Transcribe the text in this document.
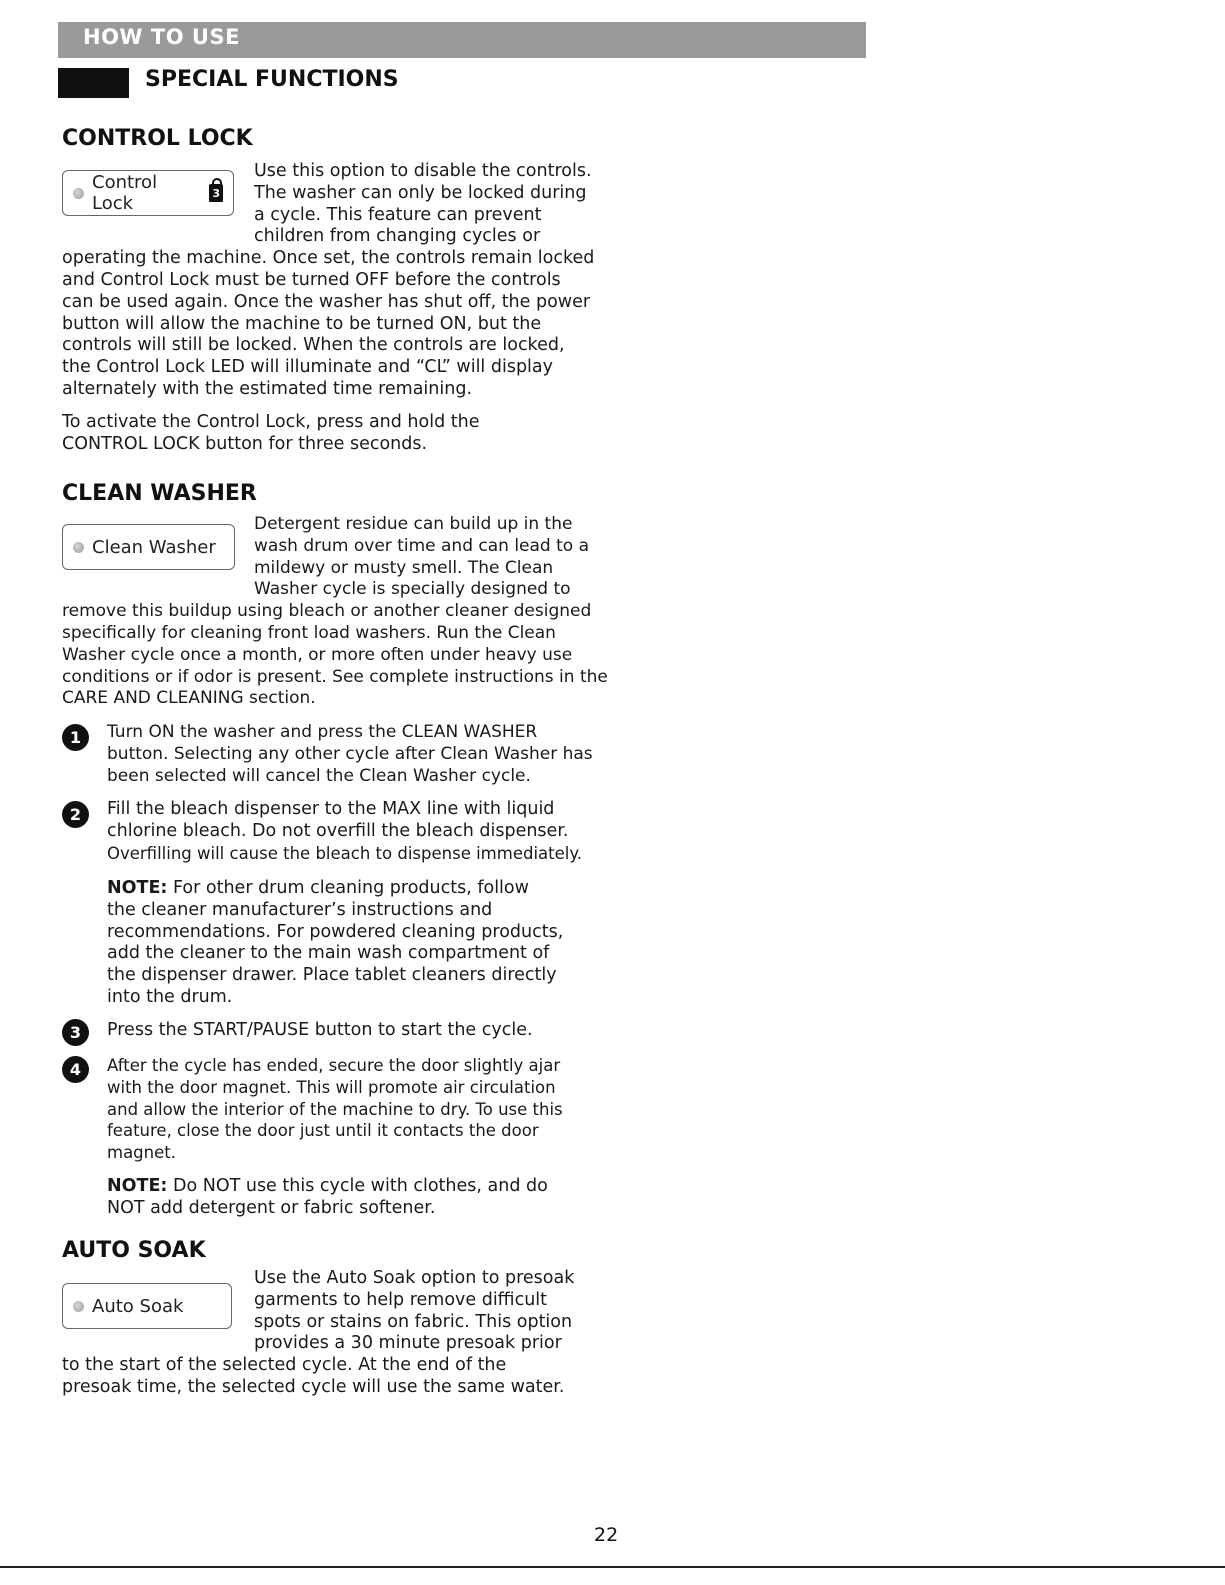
HOW TO USE
SPECIAL FUNCTIONS
CONTROL LOCK
Control Lock	3

Use this option to disable the controls.

The washer can only be locked during

a cycle. This feature can prevent

children from changing cycles or

operating the machine. Once set, the controls remain locked

and Control Lock must be turned OFF before the controls

can be used again. Once the washer has shut off, the power

button will allow the machine to be turned ON, but the

controls will still be locked. When the controls are locked,

the Control Lock LED will illuminate and “CL” will display

alternately with the estimated time remaining.

To activate the Control Lock, press and hold the

CONTROL LOCK button for three seconds.

CLEAN WASHER
Clean Washer

Detergent residue can build up in the

wash drum over time and can lead to a

mildewy or musty smell. The Clean

Washer cycle is specially designed to

remove this buildup using bleach or another cleaner designed

specifically for cleaning front load washers. Run the Clean

Washer cycle once a month, or more often under heavy use

conditions or if odor is present. See complete instructions in the

CARE AND CLEANING section.

1	Turn ON the washer and press the CLEAN WASHER

button. Selecting any other cycle after Clean Washer has

been selected will cancel the Clean Washer cycle.

2	Fill the bleach dispenser to the MAX line with liquid

chlorine bleach. Do not overfill the bleach dispenser.

Overfilling will cause the bleach to dispense immediately.

NOTE: For other drum cleaning products, follow

the cleaner manufacturer’s instructions and

recommendations. For powdered cleaning products,

add the cleaner to the main wash compartment of

the dispenser drawer. Place tablet cleaners directly

into the drum.

3	Press the START/PAUSE button to start the cycle.

4	After the cycle has ended, secure the door slightly ajar

with the door magnet. This will promote air circulation

and allow the interior of the machine to dry. To use this

feature, close the door just until it contacts the door

magnet.

NOTE: Do NOT use this cycle with clothes, and do

NOT add detergent or fabric softener.

AUTO SOAK
Auto Soak

Use the Auto Soak option to presoak

garments to help remove difficult

spots or stains on fabric. This option

provides a 30 minute presoak prior

to the start of the selected cycle. At the end of the

presoak time, the selected cycle will use the same water.

22
